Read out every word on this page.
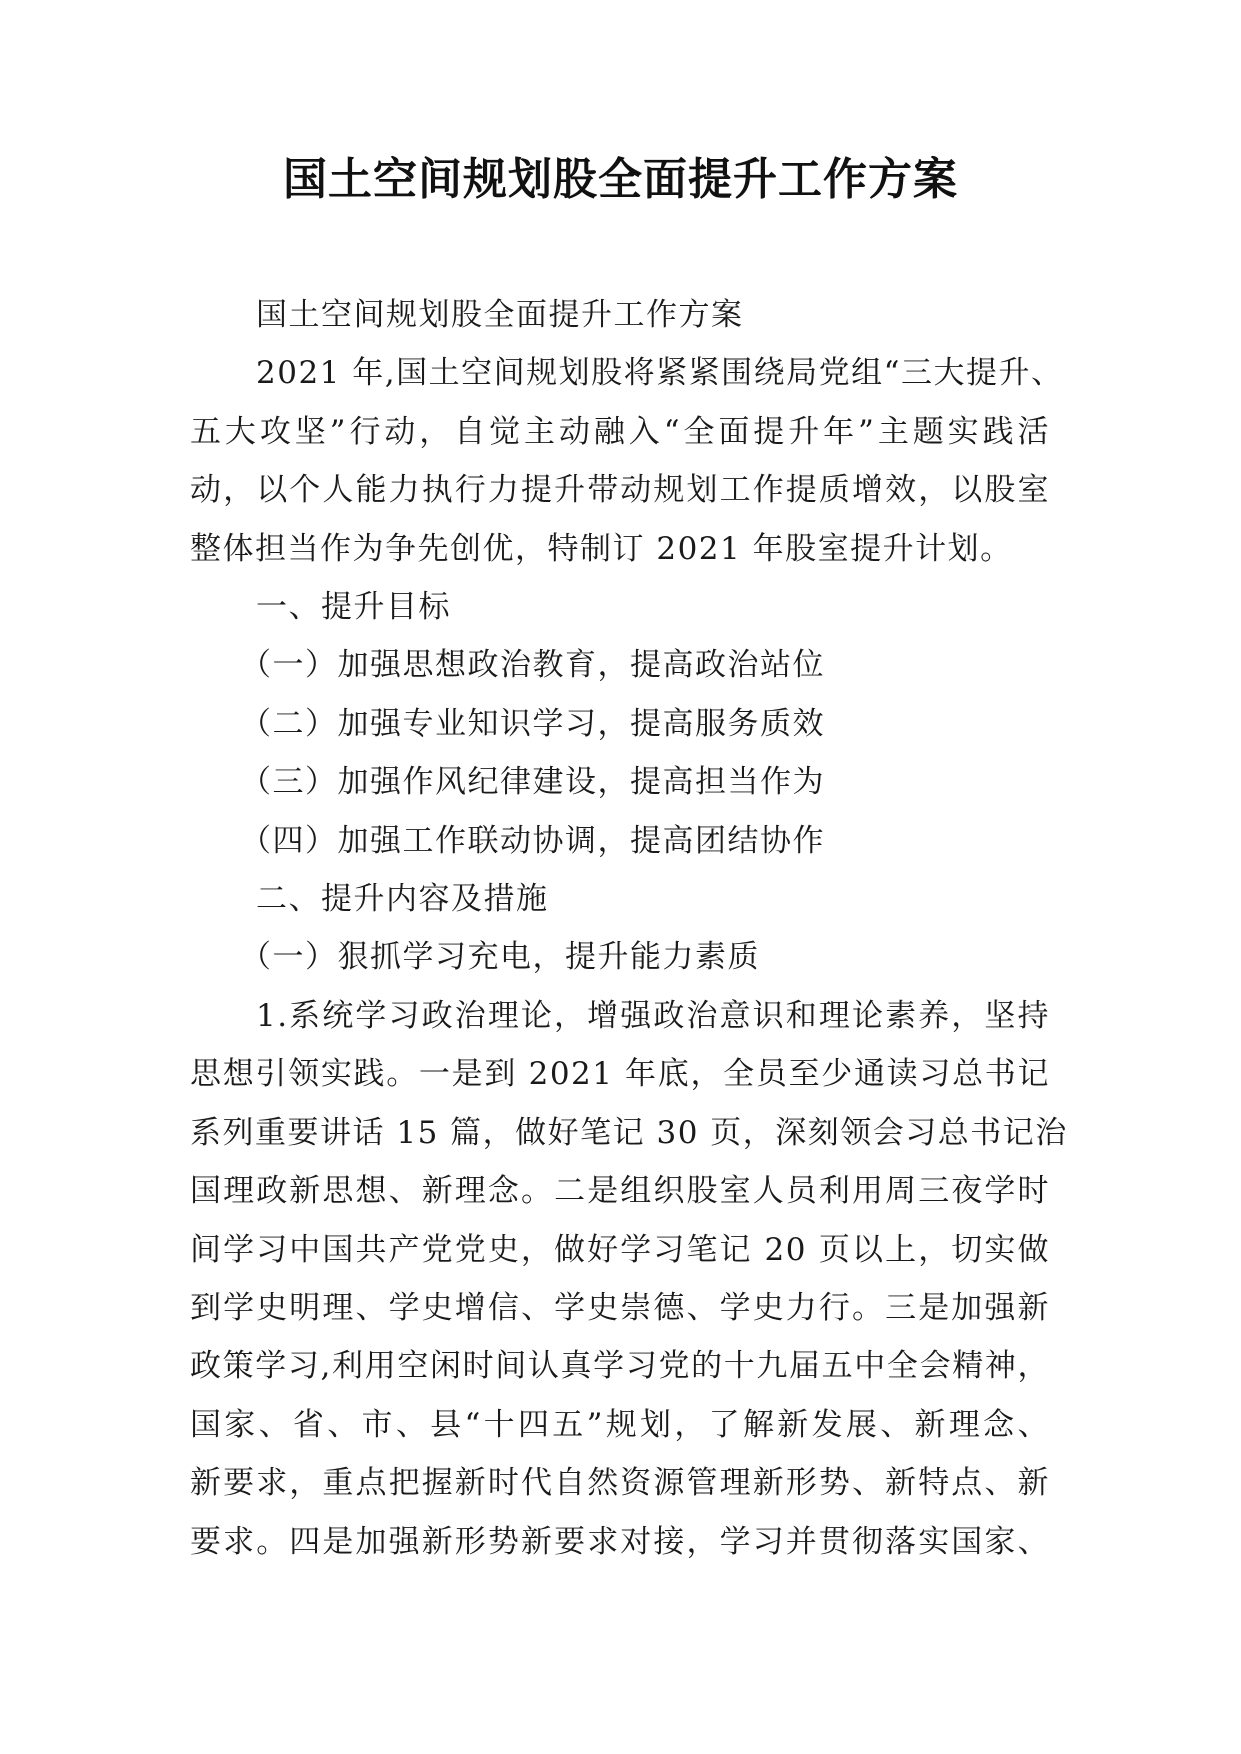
国土空间规划股全面提升工作方案
国土空间规划股全面提升工作方案
2021 年,国土空间规划股将紧紧围绕局党组“三大提升、
五大攻坚”行动，自觉主动融入“全面提升年”主题实践活
动，以个人能力执行力提升带动规划工作提质增效，以股室
整体担当作为争先创优，特制订 2021 年股室提升计划。
一、提升目标
（一）加强思想政治教育，提高政治站位
（二）加强专业知识学习，提高服务质效
（三）加强作风纪律建设，提高担当作为
（四）加强工作联动协调，提高团结协作
二、提升内容及措施
（一）狠抓学习充电，提升能力素质
1.系统学习政治理论，增强政治意识和理论素养，坚持
思想引领实践。一是到 2021 年底，全员至少通读习总书记
系列重要讲话 15 篇，做好笔记 30 页，深刻领会习总书记治
国理政新思想、新理念。二是组织股室人员利用周三夜学时
间学习中国共产党党史，做好学习笔记 20 页以上，切实做
到学史明理、学史增信、学史崇德、学史力行。三是加强新
政策学习,利用空闲时间认真学习党的十九届五中全会精神，
国家、省、市、县“十四五”规划，了解新发展、新理念、
新要求，重点把握新时代自然资源管理新形势、新特点、新
要求。四是加强新形势新要求对接，学习并贯彻落实国家、
